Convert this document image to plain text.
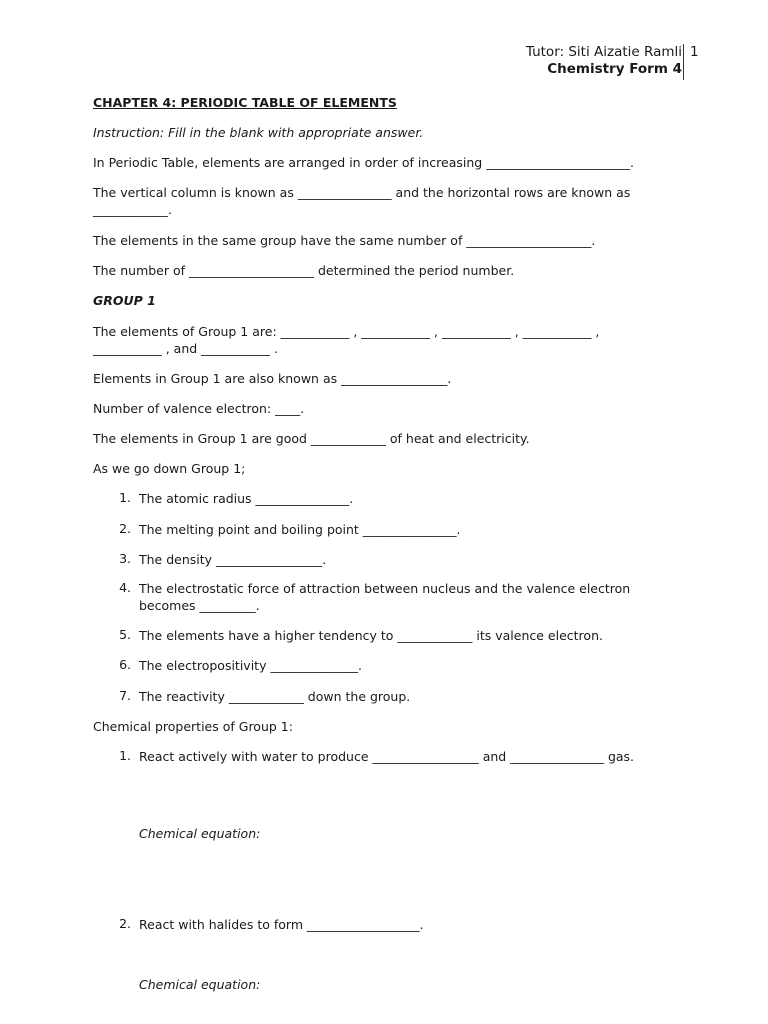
Tutor: Siti Aizatie Ramli
Chemistry Form 4
1

CHAPTER 4: PERIODIC TABLE OF ELEMENTS

Instruction: Fill in the blank with appropriate answer.

In Periodic Table, elements are arranged in order of increasing _______________________.

The vertical column is known as _______________ and the horizontal rows are known as

____________.

The elements in the same group have the same number of ____________________.

The number of ____________________ determined the period number.

GROUP 1

The elements of Group 1 are: ___________ , ___________ , ___________ , ___________ ,

___________ , and ___________ .

Elements in Group 1 are also known as _________________.

Number of valence electron: ____.

The elements in Group 1 are good ____________ of heat and electricity.

As we go down Group 1;

1. The atomic radius _______________.
2. The melting point and boiling point _______________.
3. The density _________________.
4. The electrostatic force of attraction between nucleus and the valence electron becomes _________.
5. The elements have a higher tendency to ____________ its valence electron.
6. The electropositivity ______________.
7. The reactivity ____________ down the group.

Chemical properties of Group 1:

1. React actively with water to produce _________________ and _______________ gas.

Chemical equation:

2. React with halides to form __________________.

Chemical equation:
